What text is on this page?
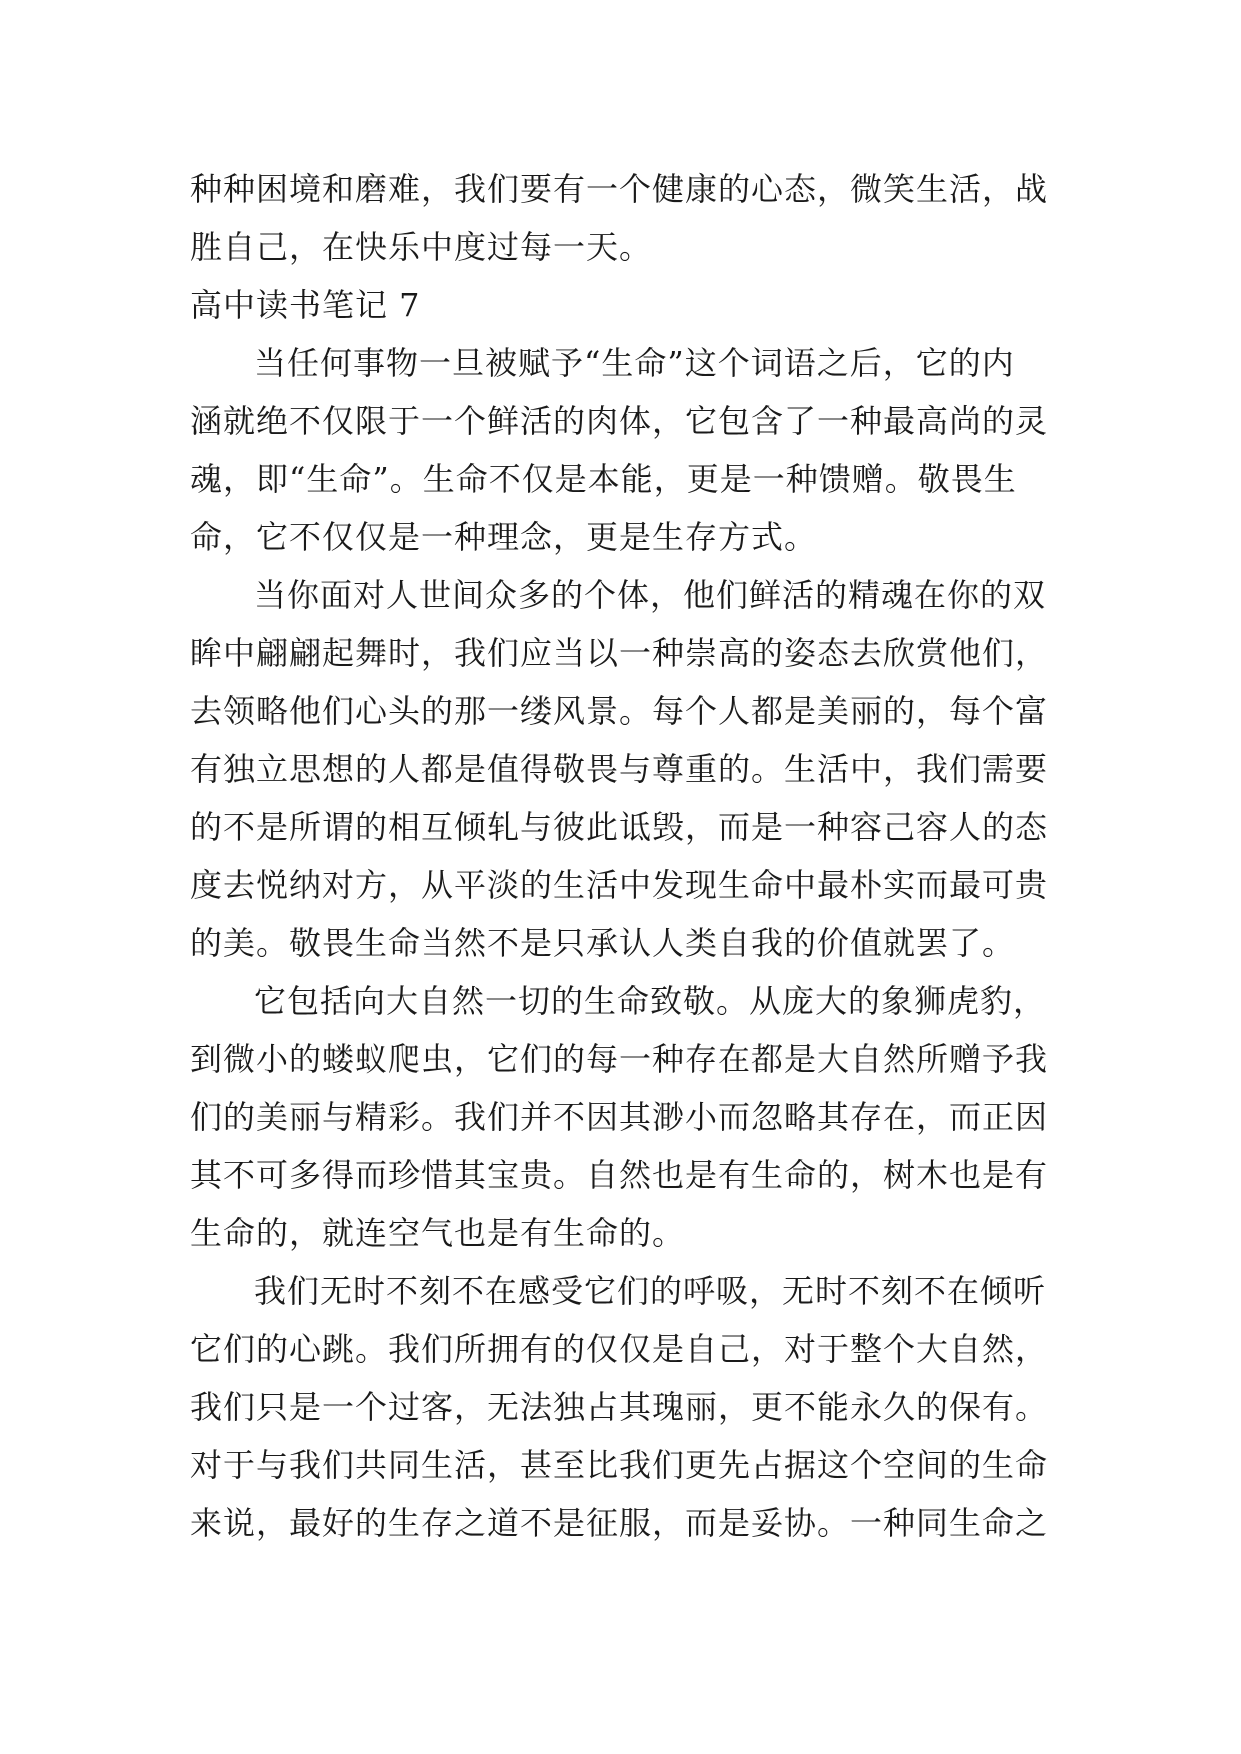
种种困境和磨难，我们要有一个健康的心态，微笑生活，战
胜自己，在快乐中度过每一天。
高中读书笔记 7
当任何事物一旦被赋予“生命”这个词语之后，它的内
涵就绝不仅限于一个鲜活的肉体，它包含了一种最高尚的灵
魂，即“生命”。生命不仅是本能，更是一种馈赠。敬畏生
命，它不仅仅是一种理念，更是生存方式。
当你面对人世间众多的个体，他们鲜活的精魂在你的双
眸中翩翩起舞时，我们应当以一种崇高的姿态去欣赏他们，
去领略他们心头的那一缕风景。每个人都是美丽的，每个富
有独立思想的人都是值得敬畏与尊重的。生活中，我们需要
的不是所谓的相互倾轧与彼此诋毁，而是一种容己容人的态
度去悦纳对方，从平淡的生活中发现生命中最朴实而最可贵
的美。敬畏生命当然不是只承认人类自我的价值就罢了。
它包括向大自然一切的生命致敬。从庞大的象狮虎豹，
到微小的蝼蚁爬虫，它们的每一种存在都是大自然所赠予我
们的美丽与精彩。我们并不因其渺小而忽略其存在，而正因
其不可多得而珍惜其宝贵。自然也是有生命的，树木也是有
生命的，就连空气也是有生命的。
我们无时不刻不在感受它们的呼吸，无时不刻不在倾听
它们的心跳。我们所拥有的仅仅是自己，对于整个大自然，
我们只是一个过客，无法独占其瑰丽，更不能永久的保有。
对于与我们共同生活，甚至比我们更先占据这个空间的生命
来说，最好的生存之道不是征服，而是妥协。一种同生命之
